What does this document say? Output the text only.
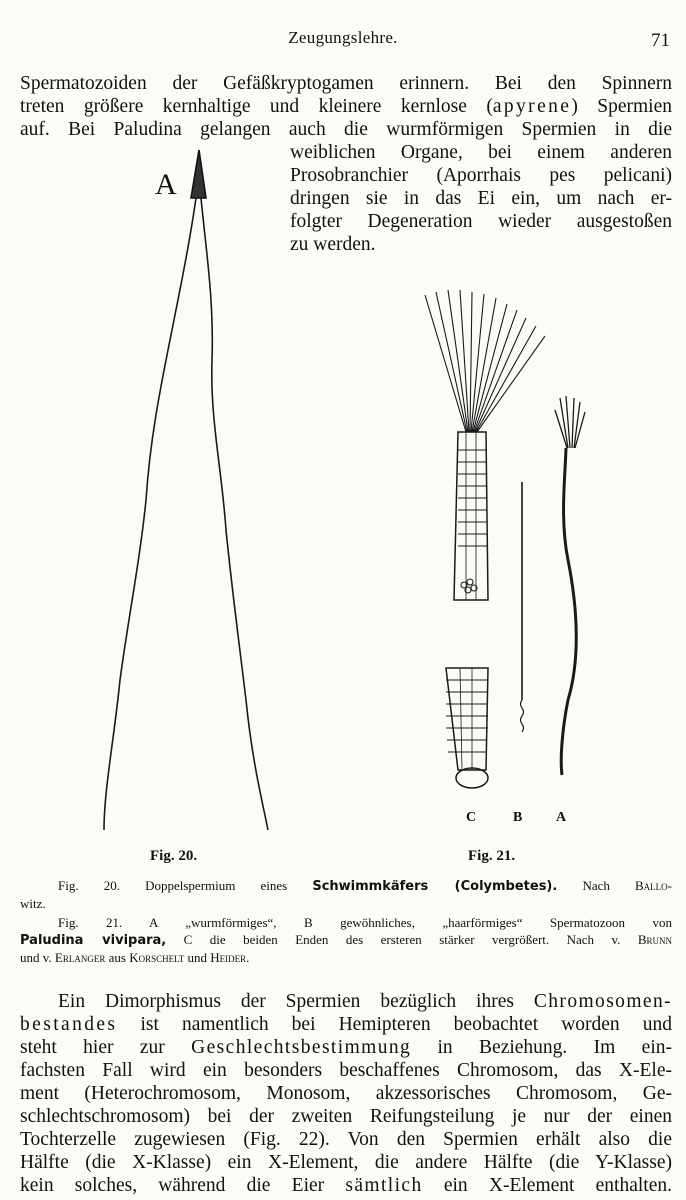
Zeugungslehre.	71

Spermatozoiden der Gefäßkryptogamen erinnern. Bei den Spinnern

treten größere kernhaltige und kleinere kernlose (apyrene) Spermien

auf. Bei Paludina gelangen auch die wurmförmigen Spermien in die

weiblichen Organe, bei einem anderen

Prosobranchier (Aporrhais pes pelicani)

dringen sie in das Ei ein, um nach er-

folgter Degeneration wieder ausgestoßen

zu werden.

A
C	B A
Fig. 20.	Fig. 21.

Fig. 20. Doppelspermium eines Schwimmkäfers (Colymbetes). Nach Ballo-

witz.

Fig. 21. A „wurmförmiges“, B gewöhnliches, „haarförmiges“ Spermatozoon von

Paludina vivipara, C die beiden Enden des ersteren stärker vergrößert. Nach v. Brunn

und v. Erlanger aus Korschelt und Heider.

Ein Dimorphismus der Spermien bezüglich ihres Chromosomen-

bestandes ist namentlich bei Hemipteren beobachtet worden und

steht hier zur Geschlechtsbestimmung in Beziehung. Im ein-

fachsten Fall wird ein besonders beschaffenes Chromosom, das X-Ele-

ment (Heterochromosom, Monosom, akzessorisches Chromosom, Ge-

schlechtschromosom) bei der zweiten Reifungsteilung je nur der einen

Tochterzelle zugewiesen (Fig. 22). Von den Spermien erhält also die

Hälfte (die X-Klasse) ein X-Element, die andere Hälfte (die Y-Klasse)

kein solches, während die Eier sämtlich ein X-Element enthalten.
